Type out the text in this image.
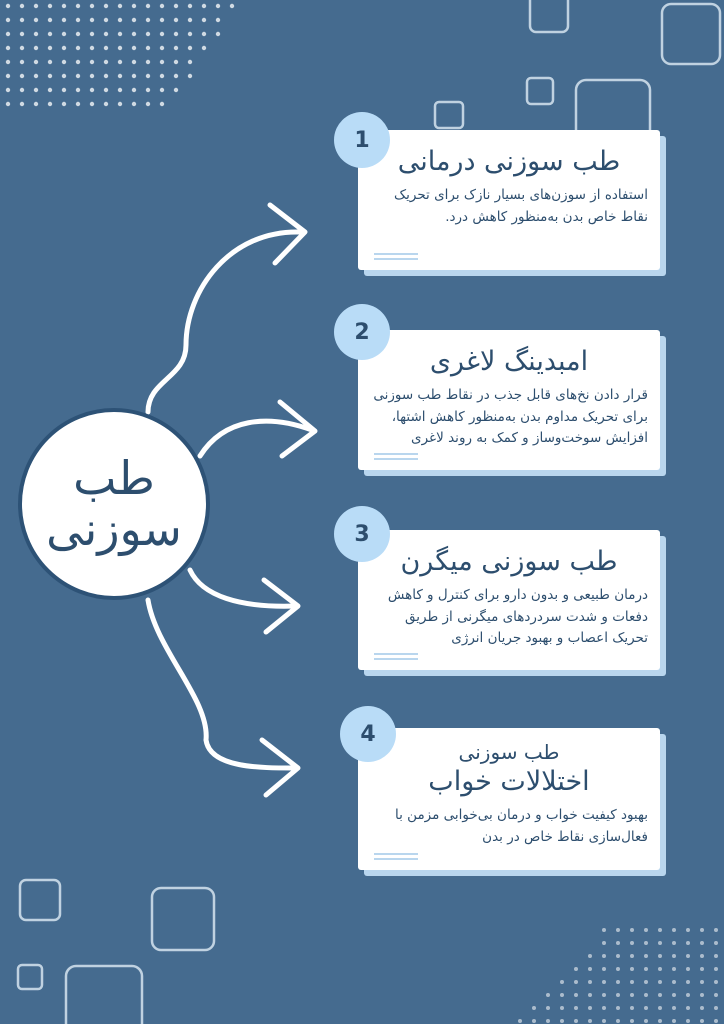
طب
سوزنی
طب سوزنی درمانی
استفاده از سوزن‌های بسیار نازک برای تحریک نقاط خاص بدن به‌منظور کاهش درد.
1
امبدینگ لاغری
قرار دادن نخ‌های قابل جذب در نقاط طب سوزنی برای تحریک مداوم بدن به‌منظور کاهش اشتها، افزایش سوخت‌وساز و کمک به روند لاغری
2
طب سوزنی میگرن
درمان طبیعی و بدون دارو برای کنترل و کاهش دفعات و شدت سردردهای میگرنی از طریق تحریک اعصاب و بهبود جریان انرژی
3
طب سوزنی
اختلالات خواب
بهبود کیفیت خواب و درمان بی‌خوابی مزمن با فعال‌سازی نقاط خاص در بدن
4
